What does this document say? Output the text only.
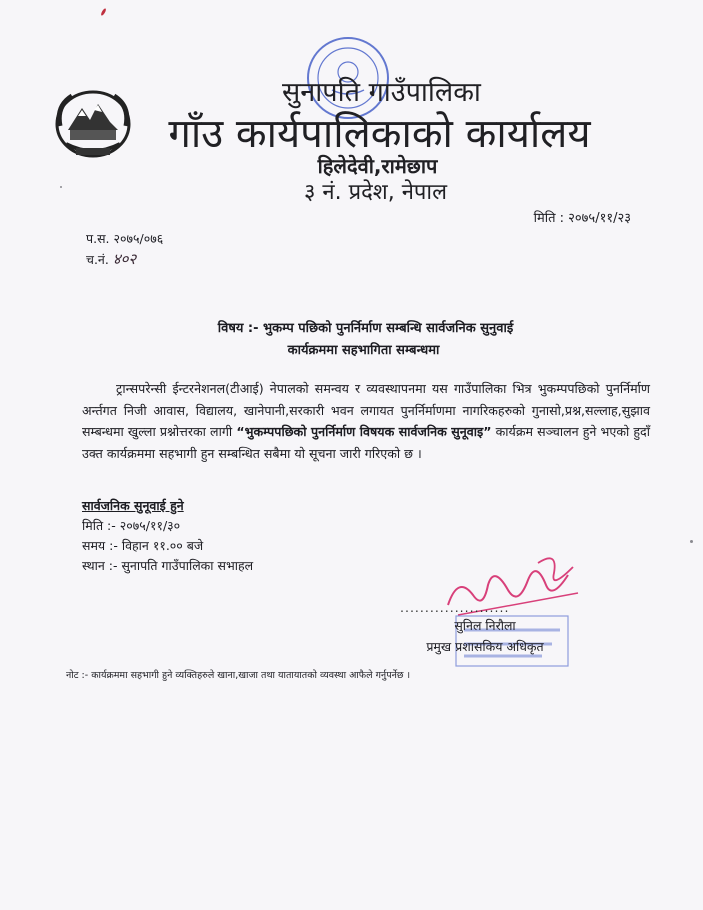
सुनापति गाउँपालिका
गाँउ कार्यपालिकाको कार्यालय
हिलेदेवी,रामेछाप
३ नं. प्रदेश, नेपाल
मिति : २०७५/११/२३
प.स. २०७५/०७६
च.नं. ४०२
विषय :- भुकम्प पछिको पुनर्निर्माण सम्बन्धि सार्वजनिक सुनुवाई
कार्यक्रममा सहभागिता सम्बन्धमा
ट्रान्सपरेन्सी ईन्टरनेशनल(टीआई) नेपालको समन्वय र व्यवस्थापनमा यस गाउँपालिका भित्र भुकम्पपछिको पुनर्निर्माण अर्न्तगत निजी आवास, विद्यालय, खानेपानी,सरकारी भवन लगायत पुनर्निर्माणमा नागरिकहरुको गुनासो,प्रश्न,सल्लाह,सुझाव सम्बन्धमा खुल्ला प्रश्नोत्तरका लागी “भुकम्पपछिको पुनर्निर्माण विषयक सार्वजनिक सुनूवाइ” कार्यक्रम सञ्चालन हुने भएको हुदाँ उक्त कार्यक्रममा सहभागी हुन सम्बन्धित सबैमा यो सूचना जारी गरिएको छ ।
सार्वजनिक सुनूवाई हुने
मिति :- २०७५/११/३०
समय :- विहान ११.०० बजे
स्थान :- सुनापति गाउँपालिका सभाहल
......................
सुनिल निरौला
प्रमुख प्रशासकिय अधिकृत
नोट :- कार्यक्रममा सहभागी हुने व्यक्तिहरुले खाना,खाजा तथा यातायातको व्यवस्था आफैले गर्नुपर्नेछ ।
